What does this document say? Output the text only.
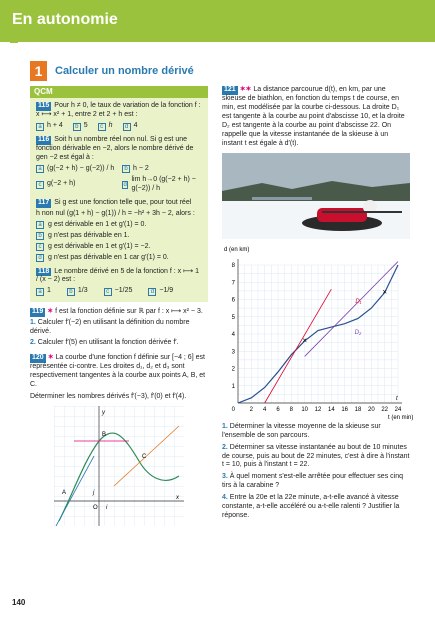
En autonomie
1	Calculer un nombre dérivé
QCM
115 Pour h ≠ 0, le taux de variation de la fonction f : x ⟼ x² + 1, entre 2 et 2 + h est :
a h + 4	b 5	c h	d 4
116 Soit h un nombre réel non nul. Si g est une fonction dérivable en −2, alors le nombre dérivé de gen −2 est égal à :
a (g(−2 + h) − g(−2)) / h	b h − 2
c g(−2 + h)	d
lim h→0 (g(−2 + h) − g(−2)) / h
117 Si g est une fonction telle que, pour tout réel
h non nul (g(1 + h) − g(1)) / h = −h² + 3h − 2, alors :
a g est dérivable en 1 et g′(1) = 0.
b g n'est pas dérivable en 1.
c g est dérivable en 1 et g′(1) = −2.
d g n'est pas dérivable en 1 car g′(1) = 0.
118 Le nombre dérivé en 5 de la fonction f : x ⟼ 1 / (x − 2) est :
a 1	b 1/3	c −1/25	d −1/9
119 ✶ f est la fonction définie sur ℝ par f : x ⟼ x² − 3.
1. Calculer f′(−2) en utilisant la définition du nombre dérivé.
2. Calculer f′(5) en utilisant la fonction dérivée f′.
120 ✶ La courbe d'une fonction f définie sur [−4 ; 6] est représentée ci-contre. Les droites d₁, d₂ et d₃ sont respectivement tangentes à la courbe aux points A, B, et C.
Déterminer les nombres dérivés f′(−3), f′(0) et f′(4).
y
x
O i
j
A
B
C
121 ✶✶ La distance parcourue d(t), en km, par une skieuse de biathlon, en fonction du temps t de course, en min, est modélisée par la courbe ci-dessous. La droite D₁ est tangente à la courbe au point d'abscisse 10, et la droite D₂ est tangente à la courbe au point d'abscisse 22. On rappelle que la vitesse instantanée de la skieuse à un instant t est égale à d′(t).
2 4 6 8 10 12 14 16 18 20 22 24
1
2
3
4
5
6
7
8
0
d (en km)
t (en min)
t
×
×
D₁
D₂
1. Déterminer la vitesse moyenne de la skieuse sur l'ensemble de son parcours.
2. Déterminer sa vitesse instantanée au bout de 10 minutes de course, puis au bout de 22 minutes, c'est à dire à l'instant t = 10, puis à l'instant t = 22.
3. À quel moment s'est-elle arrêtée pour effectuer ses cinq tirs à la carabine ?
4. Entre la 20e et la 22e minute, a-t-elle avancé à vitesse constante, a-t-elle accéléré ou a-t-elle ralenti ? Justifier la réponse.
140
